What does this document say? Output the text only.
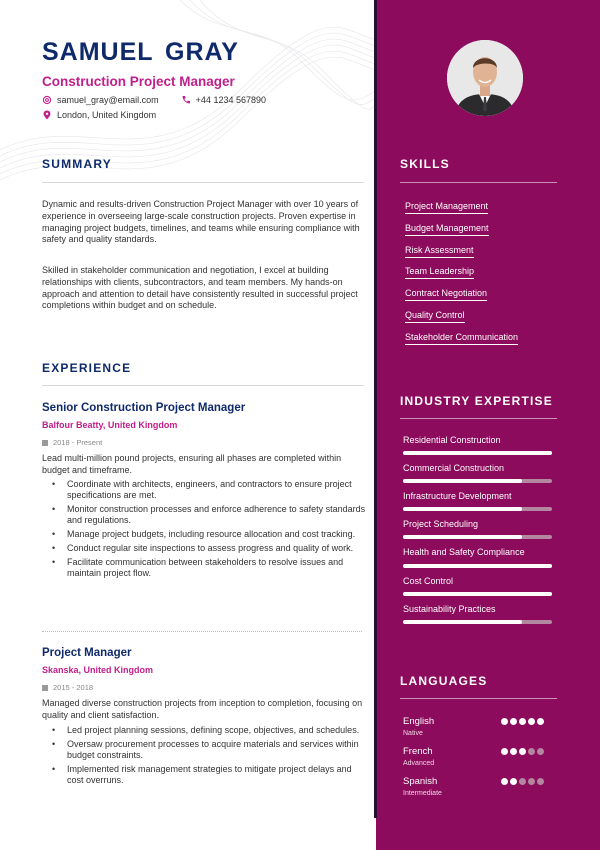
SAMUEL GRAY
Construction Project Manager
samuel_gray@email.com	+44 1234 567890
London, United Kingdom
SUMMARY
Dynamic and results-driven Construction Project Manager with over 10 years of experience in overseeing large-scale construction projects. Proven expertise in managing project budgets, timelines, and teams while ensuring compliance with safety and quality standards.
Skilled in stakeholder communication and negotiation, I excel at building relationships with clients, subcontractors, and team members. My hands-on approach and attention to detail have consistently resulted in successful project completions within budget and on schedule.
EXPERIENCE
Senior Construction Project Manager
Balfour Beatty, United Kingdom
2018 - Present
Lead multi-million pound projects, ensuring all phases are completed within budget and timeframe.
• Coordinate with architects, engineers, and contractors to ensure project specifications are met.
• Monitor construction processes and enforce adherence to safety standards and regulations.
• Manage project budgets, including resource allocation and cost tracking.
• Conduct regular site inspections to assess progress and quality of work.
• Facilitate communication between stakeholders to resolve issues and maintain project flow.
Project Manager
Skanska, United Kingdom
2015 - 2018
Managed diverse construction projects from inception to completion, focusing on quality and client satisfaction.
• Led project planning sessions, defining scope, objectives, and schedules.
• Oversaw procurement processes to acquire materials and services within budget constraints.
• Implemented risk management strategies to mitigate project delays and cost overruns.
SKILLS
Project Management
Budget Management
Risk Assessment
Team Leadership
Contract Negotiation
Quality Control
Stakeholder Communication
INDUSTRY EXPERTISE
Residential Construction
Commercial Construction
Infrastructure Development
Project Scheduling
Health and Safety Compliance
Cost Control
Sustainability Practices
LANGUAGES
English
Native
French
Advanced
Spanish
Intermediate
